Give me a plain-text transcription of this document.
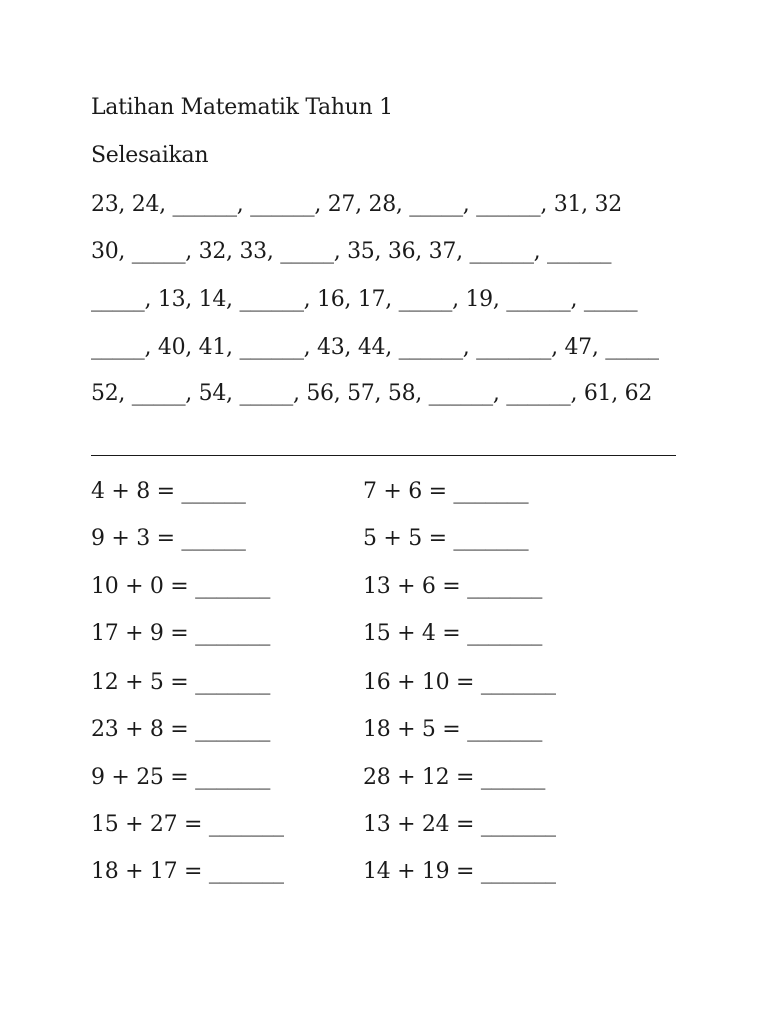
Latihan Matematik Tahun 1
Selesaikan
23, 24, ______, ______, 27, 28, _____, ______, 31, 32
30, _____, 32, 33, _____, 35, 36, 37, ______, ______
_____, 13, 14, ______, 16, 17, _____, 19, ______, _____
_____, 40, 41, ______, 43, 44, ______, _______, 47, _____
52, _____, 54, _____, 56, 57, 58, ______, ______, 61, 62
4 + 8 = ______
9 + 3 = ______
10 + 0 = _______
17 + 9 = _______
12 + 5 = _______
23 + 8 = _______
9 + 25 = _______
15 + 27 = _______
18 + 17 = _______
7 + 6 = _______
5 + 5 = _______
13 + 6 = _______
15 + 4 = _______
16 + 10 = _______
18 + 5 = _______
28 + 12 = ______
13 + 24 = _______
14 + 19 = _______
